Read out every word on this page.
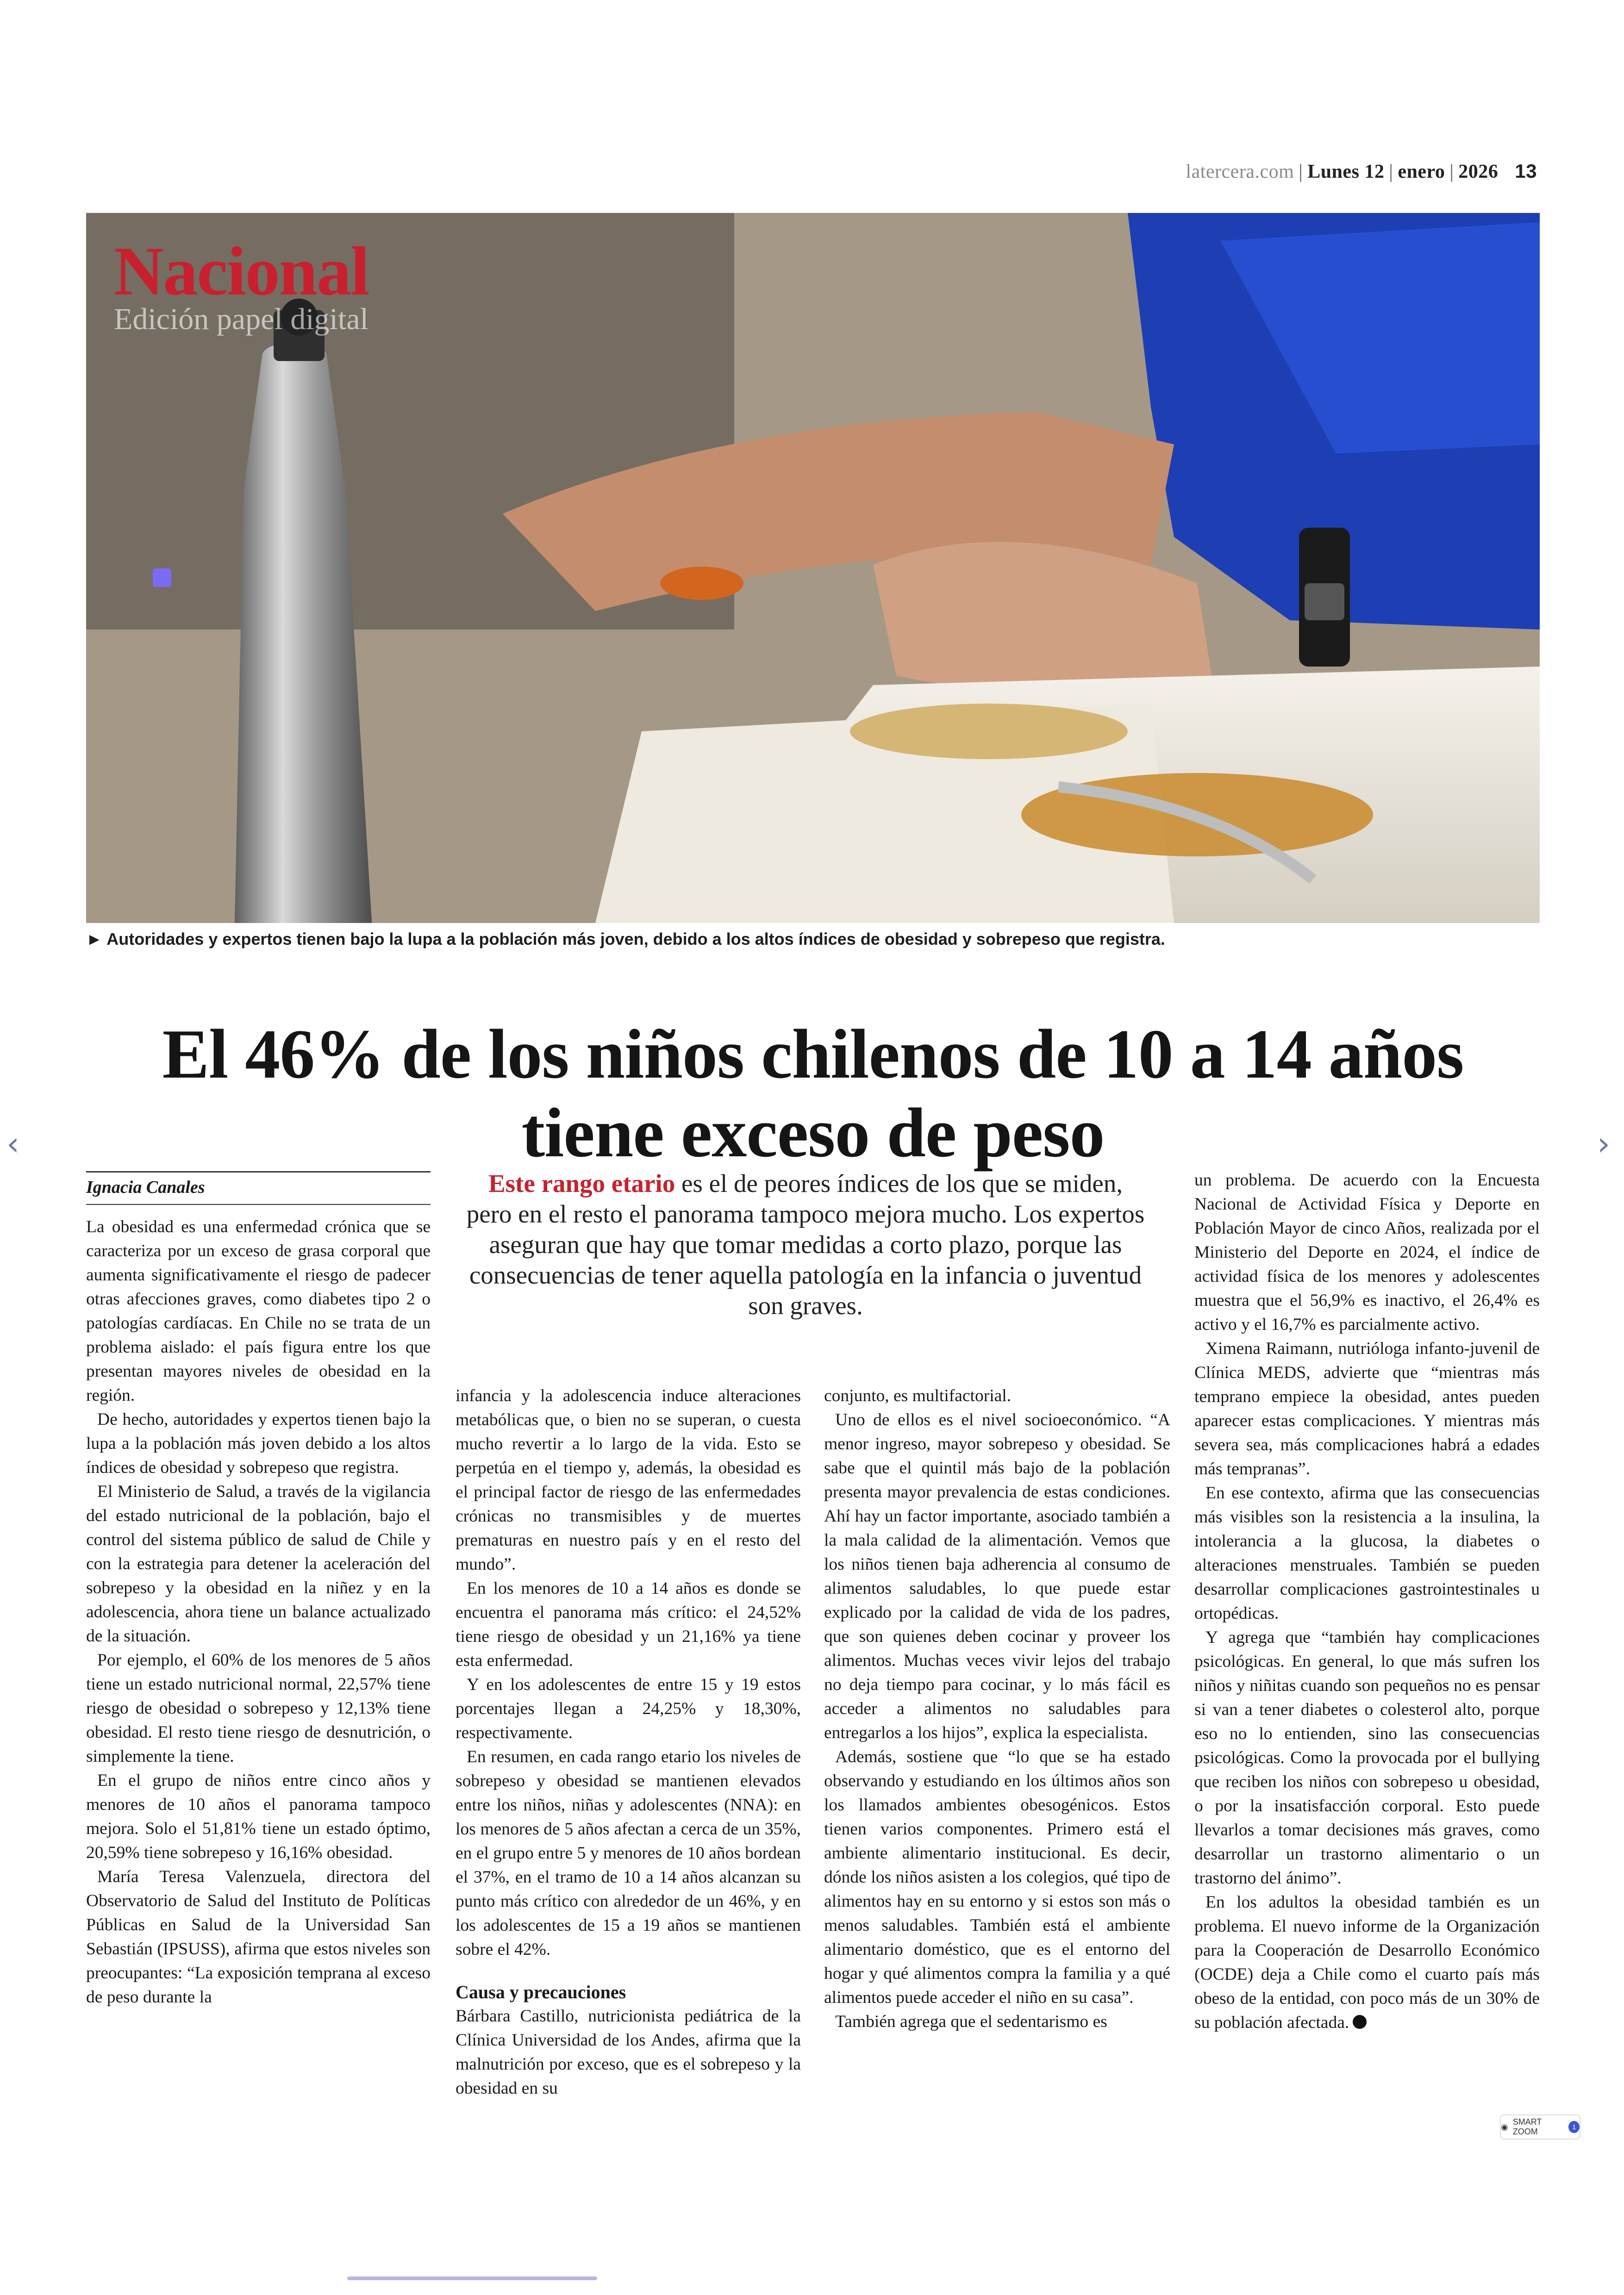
latercera.com | Lunes 12 | enero | 2026 13
Nacional
Edición papel digital
► Autoridades y expertos tienen bajo la lupa a la población más joven, debido a los altos índices de obesidad y sobrepeso que registra.
El 46% de los niños chilenos de 10 a 14 años tiene exceso de peso
‹	›
Ignacia Canales	Este rango etario es el de peores índices de los que se miden, pero en el resto el panorama tampoco mejora mucho. Los expertos aseguran que hay que tomar medidas a corto plazo, porque las consecuencias de tener aquella patología en la infancia o juventud son graves.

La obesidad es una enfermedad crónica que se caracteriza por un exceso de grasa corporal que aumenta significativamente el riesgo de padecer otras afecciones graves, como diabetes tipo 2 o patologías cardíacas. En Chile no se trata de un problema aislado: el país figura entre los que presentan mayores niveles de obesidad en la región.

De hecho, autoridades y expertos tienen bajo la lupa a la población más joven debido a los altos índices de obesidad y sobrepeso que registra.

El Ministerio de Salud, a través de la vigilancia del estado nutricional de la población, bajo el control del sistema público de salud de Chile y con la estrategia para detener la aceleración del sobrepeso y la obesidad en la niñez y en la adolescencia, ahora tiene un balance actualizado de la situación.

Por ejemplo, el 60% de los menores de 5 años tiene un estado nutricional normal, 22,57% tiene riesgo de obesidad o sobrepeso y 12,13% tiene obesidad. El resto tiene riesgo de desnutrición, o simplemente la tiene.

En el grupo de niños entre cinco años y menores de 10 años el panorama tampoco mejora. Solo el 51,81% tiene un estado óptimo, 20,59% tiene sobrepeso y 16,16% obesidad.

María Teresa Valenzuela, directora del Observatorio de Salud del Instituto de Políticas Públicas en Salud de la Universidad San Sebastián (IPSUSS), afirma que estos niveles son preocupantes: “La exposición temprana al exceso de peso durante la

infancia y la adolescencia induce alteraciones metabólicas que, o bien no se superan, o cuesta mucho revertir a lo largo de la vida. Esto se perpetúa en el tiempo y, además, la obesidad es el principal factor de riesgo de las enfermedades crónicas no transmisibles y de muertes prematuras en nuestro país y en el resto del mundo”.

En los menores de 10 a 14 años es donde se encuentra el panorama más crítico: el 24,52% tiene riesgo de obesidad y un 21,16% ya tiene esta enfermedad.

Y en los adolescentes de entre 15 y 19 estos porcentajes llegan a 24,25% y 18,30%, respectivamente.

En resumen, en cada rango etario los niveles de sobrepeso y obesidad se mantienen elevados entre los niños, niñas y adolescentes (NNA): en los menores de 5 años afectan a cerca de un 35%, en el grupo entre 5 y menores de 10 años bordean el 37%, en el tramo de 10 a 14 años alcanzan su punto más crítico con alrededor de un 46%, y en los adolescentes de 15 a 19 años se mantienen sobre el 42%.

Causa y precauciones

Bárbara Castillo, nutricionista pediátrica de la Clínica Universidad de los Andes, afirma que la malnutrición por exceso, que es el sobrepeso y la obesidad en su

conjunto, es multifactorial.

Uno de ellos es el nivel socioeconómico. “A menor ingreso, mayor sobrepeso y obesidad. Se sabe que el quintil más bajo de la población presenta mayor prevalencia de estas condiciones. Ahí hay un factor importante, asociado también a la mala calidad de la alimentación. Vemos que los niños tienen baja adherencia al consumo de alimentos saludables, lo que puede estar explicado por la calidad de vida de los padres, que son quienes deben cocinar y proveer los alimentos. Muchas veces vivir lejos del trabajo no deja tiempo para cocinar, y lo más fácil es acceder a alimentos no saludables para entregarlos a los hijos”, explica la especialista.

Además, sostiene que “lo que se ha estado observando y estudiando en los últimos años son los llamados ambientes obesogénicos. Estos tienen varios componentes. Primero está el ambiente alimentario institucional. Es decir, dónde los niños asisten a los colegios, qué tipo de alimentos hay en su entorno y si estos son más o menos saludables. También está el ambiente alimentario doméstico, que es el entorno del hogar y qué alimentos compra la familia y a qué alimentos puede acceder el niño en su casa”.

También agrega que el sedentarismo es

un problema. De acuerdo con la Encuesta Nacional de Actividad Física y Deporte en Población Mayor de cinco Años, realizada por el Ministerio del Deporte en 2024, el índice de actividad física de los menores y adolescentes muestra que el 56,9% es inactivo, el 26,4% es activo y el 16,7% es parcialmente activo.

Ximena Raimann, nutrióloga infanto-juvenil de Clínica MEDS, advierte que “mientras más temprano empiece la obesidad, antes pueden aparecer estas complicaciones. Y mientras más severa sea, más complicaciones habrá a edades más tempranas”.

En ese contexto, afirma que las consecuencias más visibles son la resistencia a la insulina, la intolerancia a la glucosa, la diabetes o alteraciones menstruales. También se pueden desarrollar complicaciones gastrointestinales u ortopédicas.

Y agrega que “también hay complicaciones psicológicas. En general, lo que más sufren los niños y niñitas cuando son pequeños no es pensar si van a tener diabetes o colesterol alto, porque eso no lo entienden, sino las consecuencias psicológicas. Como la provocada por el bullying que reciben los niños con sobrepeso u obesidad, o por la insatisfacción corporal. Esto puede llevarlos a tomar decisiones más graves, como desarrollar un trastorno alimentario o un trastorno del ánimo”.

En los adultos la obesidad también es un problema. El nuevo informe de la Organización para la Cooperación de Desarrollo Económico (OCDE) deja a Chile como el cuarto país más obeso de la entidad, con poco más de un 30% de su población afectada.

◉
SMART ZOOM	1
